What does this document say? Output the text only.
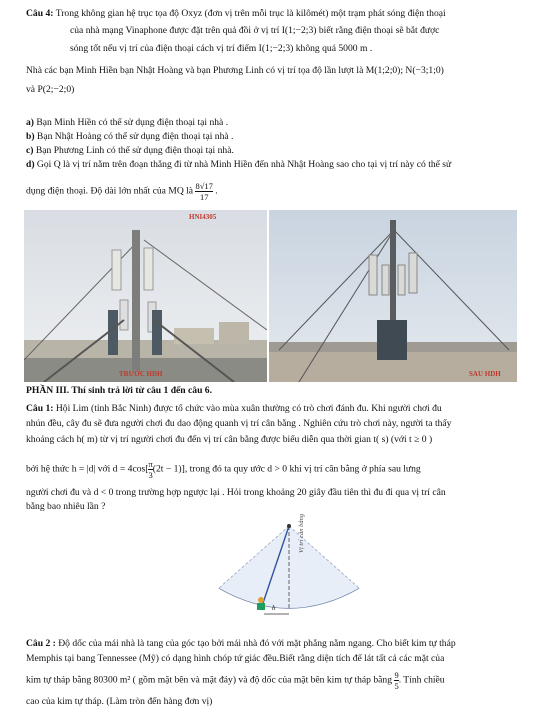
Câu 4: Trong không gian hệ trục tọa độ Oxyz (đơn vị trên mỗi trục là kilômét) một trạm phát sóng điện thoại
của nhà mạng Vinaphone được đặt trên quả đồi ở vị trí I(1;−2;3) biết rằng điện thoại sẽ bắt được
sóng tốt nếu vị trí của điện thoại cách vị trí điểm I(1;−2;3) không quá 5000 m .
Nhà các bạn Minh Hiền bạn Nhật Hoàng và bạn Phương Linh có vị trí tọa độ lần lượt là M(1;2;0); N(−3;1;0)
và P(2;−2;0)
a) Bạn Minh Hiền có thể sử dụng điện thoại tại nhà .
b) Bạn Nhật Hoàng có thể sử dụng điện thoại tại nhà .
c) Bạn Phương Linh có thể sử dụng điện thoại tại nhà.
d) Gọi Q là vị trí nằm trên đoạn thẳng đi từ nhà Minh Hiền đến nhà Nhật Hoàng sao cho tại vị trí này có thể sử
dụng điện thoại. Độ dài lớn nhất của MQ là $\frac{8√17}{17}$ .
HNI4305
TRƯỚC HDH	SAU HDH
PHẦN III. Thí sinh trả lời từ câu 1 đến câu 6.
Câu 1: Hội Lim (tỉnh Bắc Ninh) được tổ chức vào mùa xuân thường có trò chơi đánh đu. Khi người chơi đu
nhún đều, cây đu sẽ đưa người chơi đu dao động quanh vị trí cân bằng . Nghiên cứu trò chơi này, người ta thấy
khoảng cách h( m) từ vị trí người chơi đu đến vị trí cân bằng được biểu diễn qua thời gian t( s) (với t ≥ 0 )
bởi hệ thức h = |d| với $d = 4\cos[ \frac{\pi}{3} (2t - 1)]$, trong đó ta quy ước d > 0 khi vị trí cân bằng ở phía sau lưng
người chơi đu và d < 0 trong trường hợp ngược lại . Hỏi trong khoảng 20 giây đầu tiên thì đu đi qua vị trí cân
bằng bao nhiêu lần ?
Vị trí cân bằng
h
Câu 2 : Độ dốc của mái nhà là tang của góc tạo bởi mái nhà đó với mặt phẳng nằm ngang. Cho biết kim tự tháp
Memphis tại bang Tennessee (Mỹ) có dạng hình chóp tứ giác đều.Biết rằng diện tích để lát tất cả các mặt của
kim tự tháp bằng 80300 m² ( gồm mặt bên và mặt đáy) và độ dốc của mặt bên kim tự tháp bằng $\frac{9}{5}$ . Tính chiều
cao của kim tự tháp. (Làm tròn đến hàng đơn vị)
